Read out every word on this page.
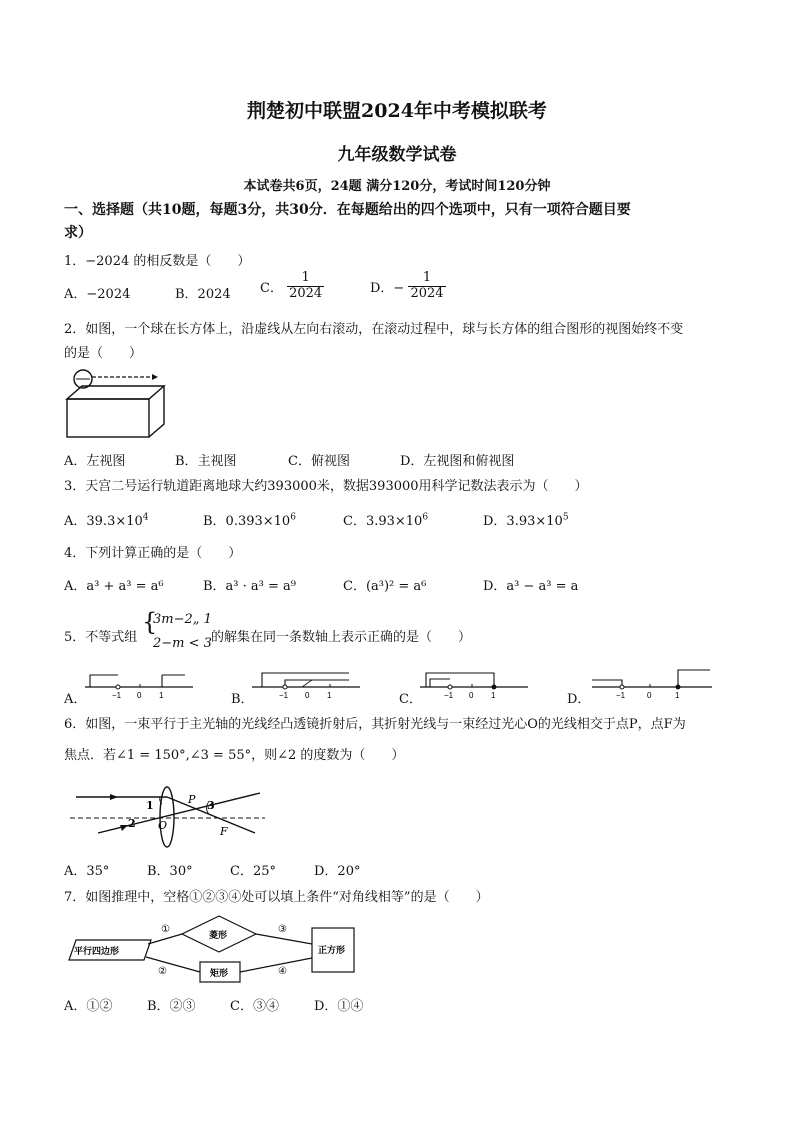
荆楚初中联盟2024年中考模拟联考
九年级数学试卷
本试卷共6页，24题 满分120分，考试时间120分钟
一、选择题（共10题，每题3分，共30分．在每题给出的四个选项中，只有一项符合题目要
求）
1．−2024 的相反数是（　　）
A．−2024	B．2024 C． $\frac{1}{2024}$	D．− $\frac{1}{2024}$
2．如图，一个球在长方体上，沿虚线从左向右滚动，在滚动过程中，球与长方体的组合图形的视图始终不变
的是（　　）
A．左视图	B．主视图	C．俯视图	D．左视图和俯视图
3．天宫二号运行轨道距离地球大约393000米，数据393000用科学记数法表示为（　　）
A．$39.3\times 10^4$	B．$0.393\times 10^6$	C．$3.93\times 10^6$	D．$3.93\times 10^5$
4．下列计算正确的是（　　）
A．a³ + a³ = a⁶	B．a³ · a³ = a⁹	C．(a³)² = a⁶	D．a³ − a³ = a
5．不等式组
{
3m−2„ 1
2−m < 3 的解集在同一条数轴上表示正确的是（　　）
A．	−1 0 1	B．	−1 0 1	C．	−1 0 1	D．	−1	0	1
6．如图，一束平行于主光轴的光线经凸透镜折射后，其折射光线与一束经过光心O的光线相交于点P，点F为
焦点．若∠1 = 150°,∠3 = 55°，则∠2 的度数为（　　）
1
2
3
P
O	F
A．35°	B．30°	C．25°	D．20°
7．如图推理中，空格①②③④处可以填上条件“对角线相等”的是（　　）
平行四边形
菱形
矩形
正方形
①
②
③
④
A．①②	B．②③	C．③④	D．①④
